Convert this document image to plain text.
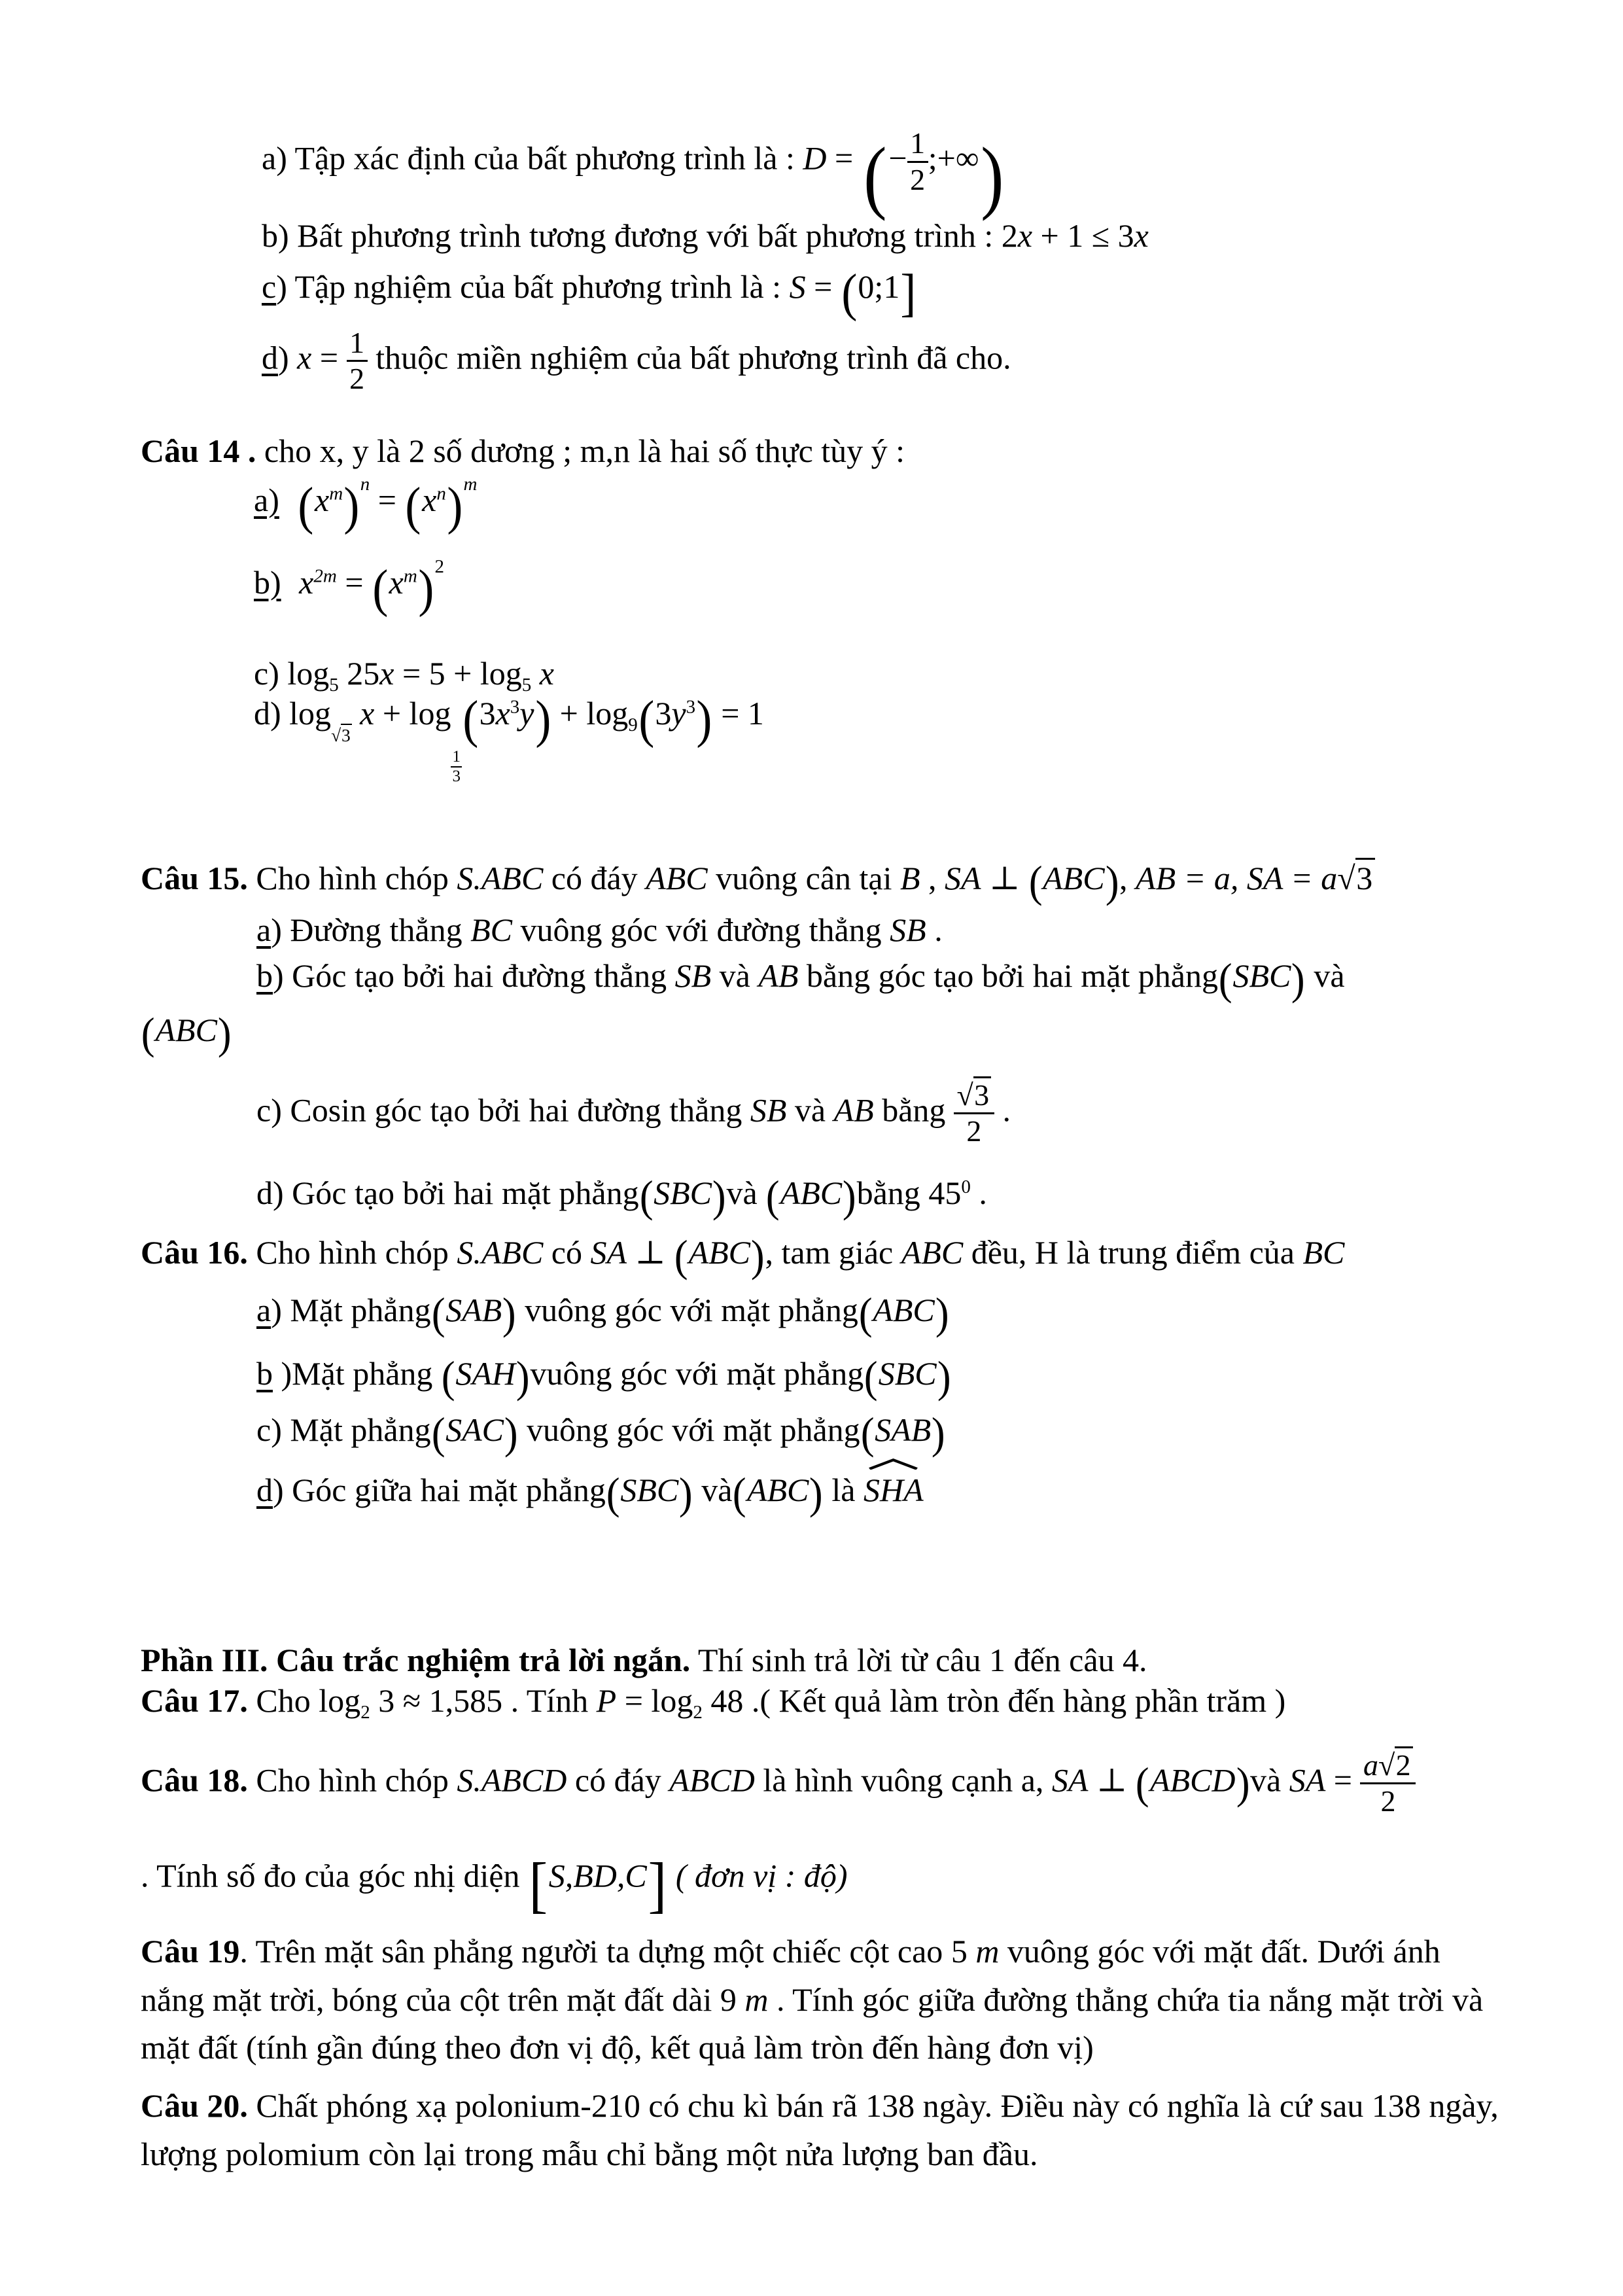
a) Tập xác định của bất phương trình là : D = (− $\frac{1}{2}$ ;+∞)
b) Bất phương trình tương đương với bất phương trình : 2x + 1 ≤ 3x
c) Tập nghiệm của bất phương trình là : S = (0;1]
d) $x = \frac{1}{2}$ thuộc miền nghiệm của bất phương trình đã cho.
Câu 14 . cho x, y là 2 số dương ; m,n là hai số thực tùy ý :
a) $(x^m)^n = (x^n)^m$
b) $x^{2m} = (x^m)^2$
c) $\log_5 25x = 5 + \log_5 x$
d) $\log_{√3} x + \log$
$\frac{1}{3}$
$(3x^3y) + \log_9(3y^3) = 1$
Câu 15. Cho hình chóp S.ABC có đáy ABC vuông cân tại B , SA ⊥ (ABC), AB = a, SA = a√3
a) Đường thẳng BC vuông góc với đường thẳng SB .
b) Góc tạo bởi hai đường thẳng SB và AB bằng góc tạo bởi hai mặt phẳng(SBC) và
(ABC)
c) Cosin góc tạo bởi hai đường thẳng SB và AB bằng $\frac{√3}{2}$ .
d) Góc tạo bởi hai mặt phẳng(SBC)và (ABC)bằng $45^0$ .
Câu 16. Cho hình chóp S.ABC có SA ⊥ (ABC), tam giác ABC đều, H là trung điểm của BC
a) Mặt phẳng(SAB) vuông góc với mặt phẳng(ABC)
b )Mặt phẳng (SAH)vuông góc với mặt phẳng(SBC)
c) Mặt phẳng(SAC) vuông góc với mặt phẳng(SAB)
d) Góc giữa hai mặt phẳng(SBC) và(ABC) là
SHA
Phần III. Câu trắc nghiệm trả lời ngắn. Thí sinh trả lời từ câu 1 đến câu 4.
Câu 17. Cho $\log_2 3 \approx 1,585$ . Tính $P = \log_2 48$ .( Kết quả làm tròn đến hàng phần trăm )
Câu 18. Cho hình chóp S.ABCD có đáy ABCD là hình vuông cạnh a, SA ⊥ (ABCD)và SA = $\frac{a√2}{2}$
. Tính số đo của góc nhị diện [S,BD,C] ( đơn vị : độ)
Câu 19. Trên mặt sân phẳng người ta dựng một chiếc cột cao 5 m vuông góc với mặt đất. Dưới ánh nắng mặt trời, bóng của cột trên mặt đất dài 9 m . Tính góc giữa đường thẳng chứa tia nắng mặt trời và mặt đất (tính gần đúng theo đơn vị độ, kết quả làm tròn đến hàng đơn vị)
Câu 20. Chất phóng xạ polonium-210 có chu kì bán rã 138 ngày. Điều này có nghĩa là cứ sau 138 ngày, lượng polomium còn lại trong mẫu chỉ bằng một nửa lượng ban đầu.
